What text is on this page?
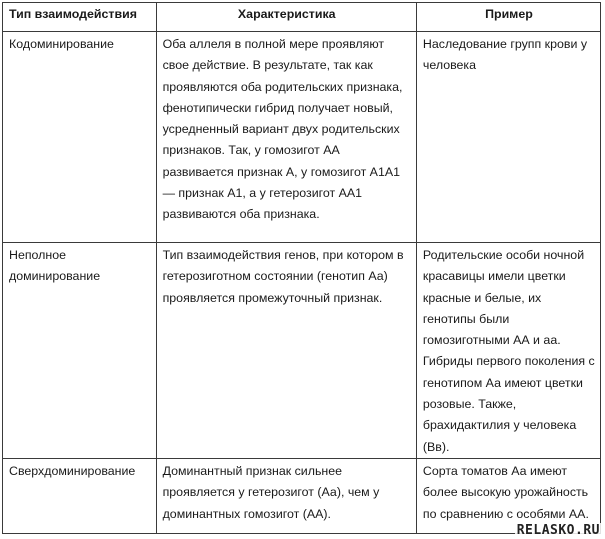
Тип взаимодействия	Характеристика	Пример

Кодоминирование	Оба аллеля в полной мере проявляют свое действие. В результате, так как проявляются оба родительских признака, фенотипически гибрид получает новый, усредненный вариант двух родительских признаков. Так, у гомозигот АА развивается признак А, у гомозигот А1А1 — признак А1, а у гетерозигот АА1 развиваются оба признака.	Наследование групп крови у человека

Неполное доминирование	Тип взаимодействия генов, при котором в гетерозиготном состоянии (генотип Аа) проявляется промежуточный признак.	Родительские особи ночной красавицы имели цветки красные и белые, их генотипы были гомозиготными АА и аа. Гибриды первого поколения с генотипом Аа имеют цветки розовые. Также, брахидактилия у человека (Вв).

Сверхдоминирование	Доминантный признак сильнее проявляется у гетерозигот (Аа), чем у доминантных гомозигот (АА).	Сорта томатов Аа имеют более высокую урожайность по сравнению с особями АА.
RELASKO.RU
